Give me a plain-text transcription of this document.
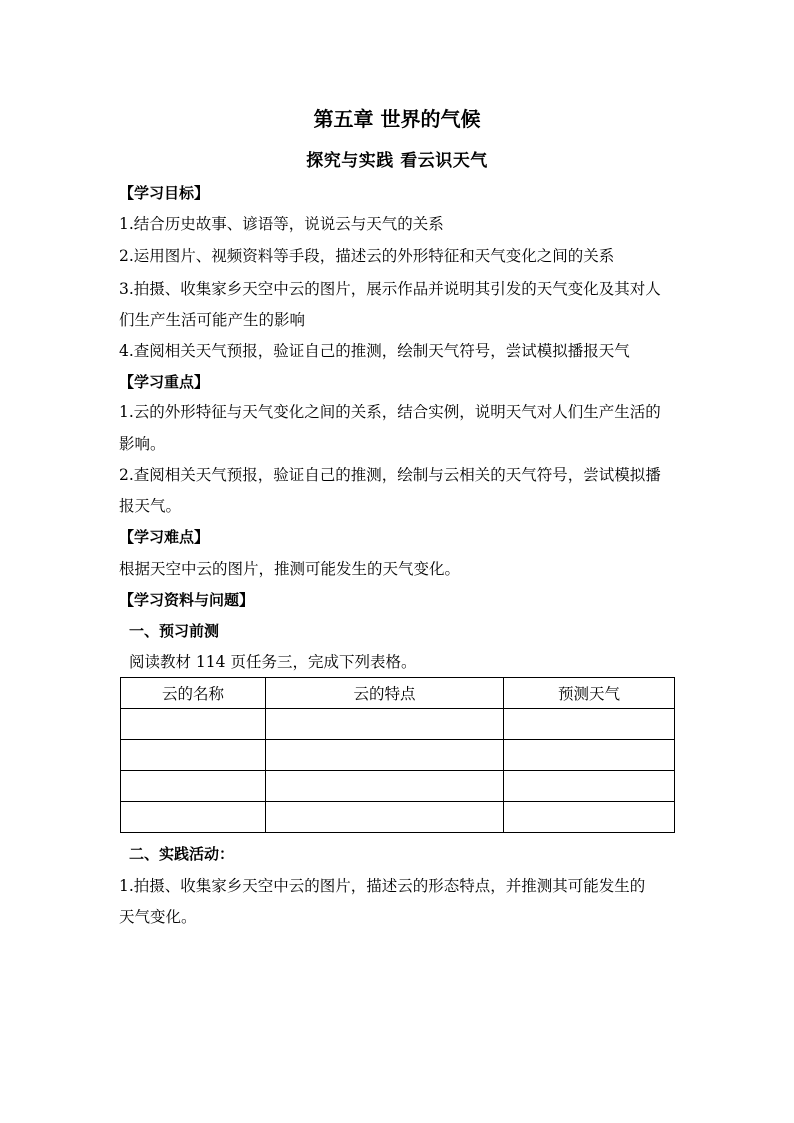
第五章 世界的气候
探究与实践 看云识天气
【学习目标】
1.结合历史故事、谚语等，说说云与天气的关系
2.运用图片、视频资料等手段，描述云的外形特征和天气变化之间的关系
3.拍摄、收集家乡天空中云的图片，展示作品并说明其引发的天气变化及其对人
们生产生活可能产生的影响
4.查阅相关天气预报，验证自己的推测，绘制天气符号，尝试模拟播报天气
【学习重点】
1.云的外形特征与天气变化之间的关系，结合实例，说明天气对人们生产生活的
影响。
2.查阅相关天气预报，验证自己的推测，绘制与云相关的天气符号，尝试模拟播
报天气。
【学习难点】
根据天空中云的图片，推测可能发生的天气变化。
【学习资料与问题】
一、预习前测
阅读教材 114 页任务三，完成下列表格。
云的名称	云的特点	预测天气

二、实践活动：
1.拍摄、收集家乡天空中云的图片，描述云的形态特点，并推测其可能发生的
天气变化。
